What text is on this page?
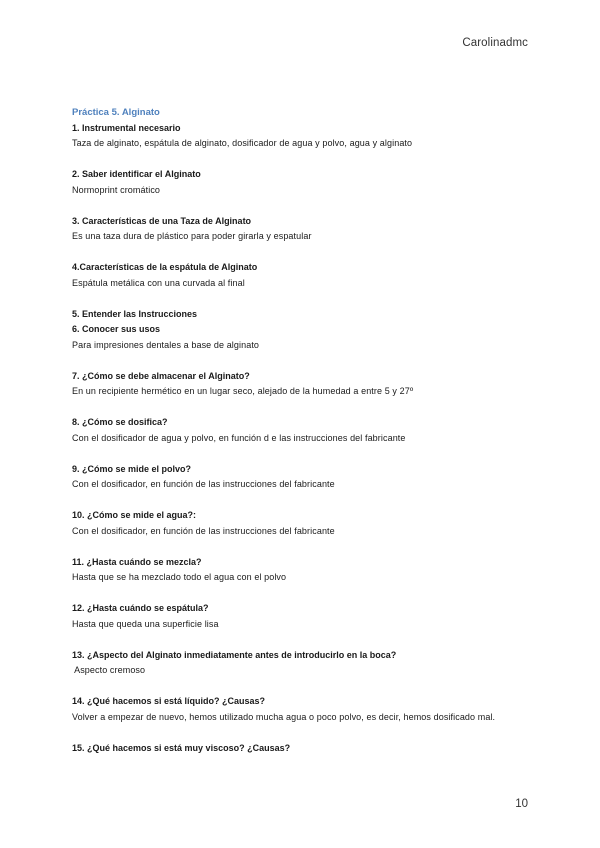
Carolinadmc
Práctica 5. Alginato
1. Instrumental necesario
Taza de alginato, espátula de alginato, dosificador de agua y polvo, agua y alginato
2. Saber identificar el Alginato
Normoprint cromático
3. Características de una Taza de Alginato
Es una taza dura de plástico para poder girarla y espatular
4.Características de la espátula de Alginato
Espátula metálica con una curvada al final
5. Entender las Instrucciones
6. Conocer sus usos
Para impresiones dentales a base de alginato
7. ¿Cómo se debe almacenar el Alginato?
En un recipiente hermético en un lugar seco, alejado de la humedad a entre 5 y 27º
8. ¿Cómo se dosifica?
Con el dosificador de agua y polvo, en función d e las instrucciones del fabricante
9. ¿Cómo se mide el polvo?
Con el dosificador, en función de las instrucciones del fabricante
10. ¿Cómo se mide el agua?:
Con el dosificador, en función de las instrucciones del fabricante
11. ¿Hasta cuándo se mezcla?
Hasta que se ha mezclado todo el agua con el polvo
12. ¿Hasta cuándo se espátula?
Hasta que queda una superficie lisa
13. ¿Aspecto del Alginato inmediatamente antes de introducirlo en la boca?
Aspecto cremoso
14. ¿Qué hacemos si está líquido? ¿Causas?
Volver a empezar de nuevo, hemos utilizado mucha agua o poco polvo, es decir, hemos dosificado mal.
15. ¿Qué hacemos si está muy viscoso? ¿Causas?
10
